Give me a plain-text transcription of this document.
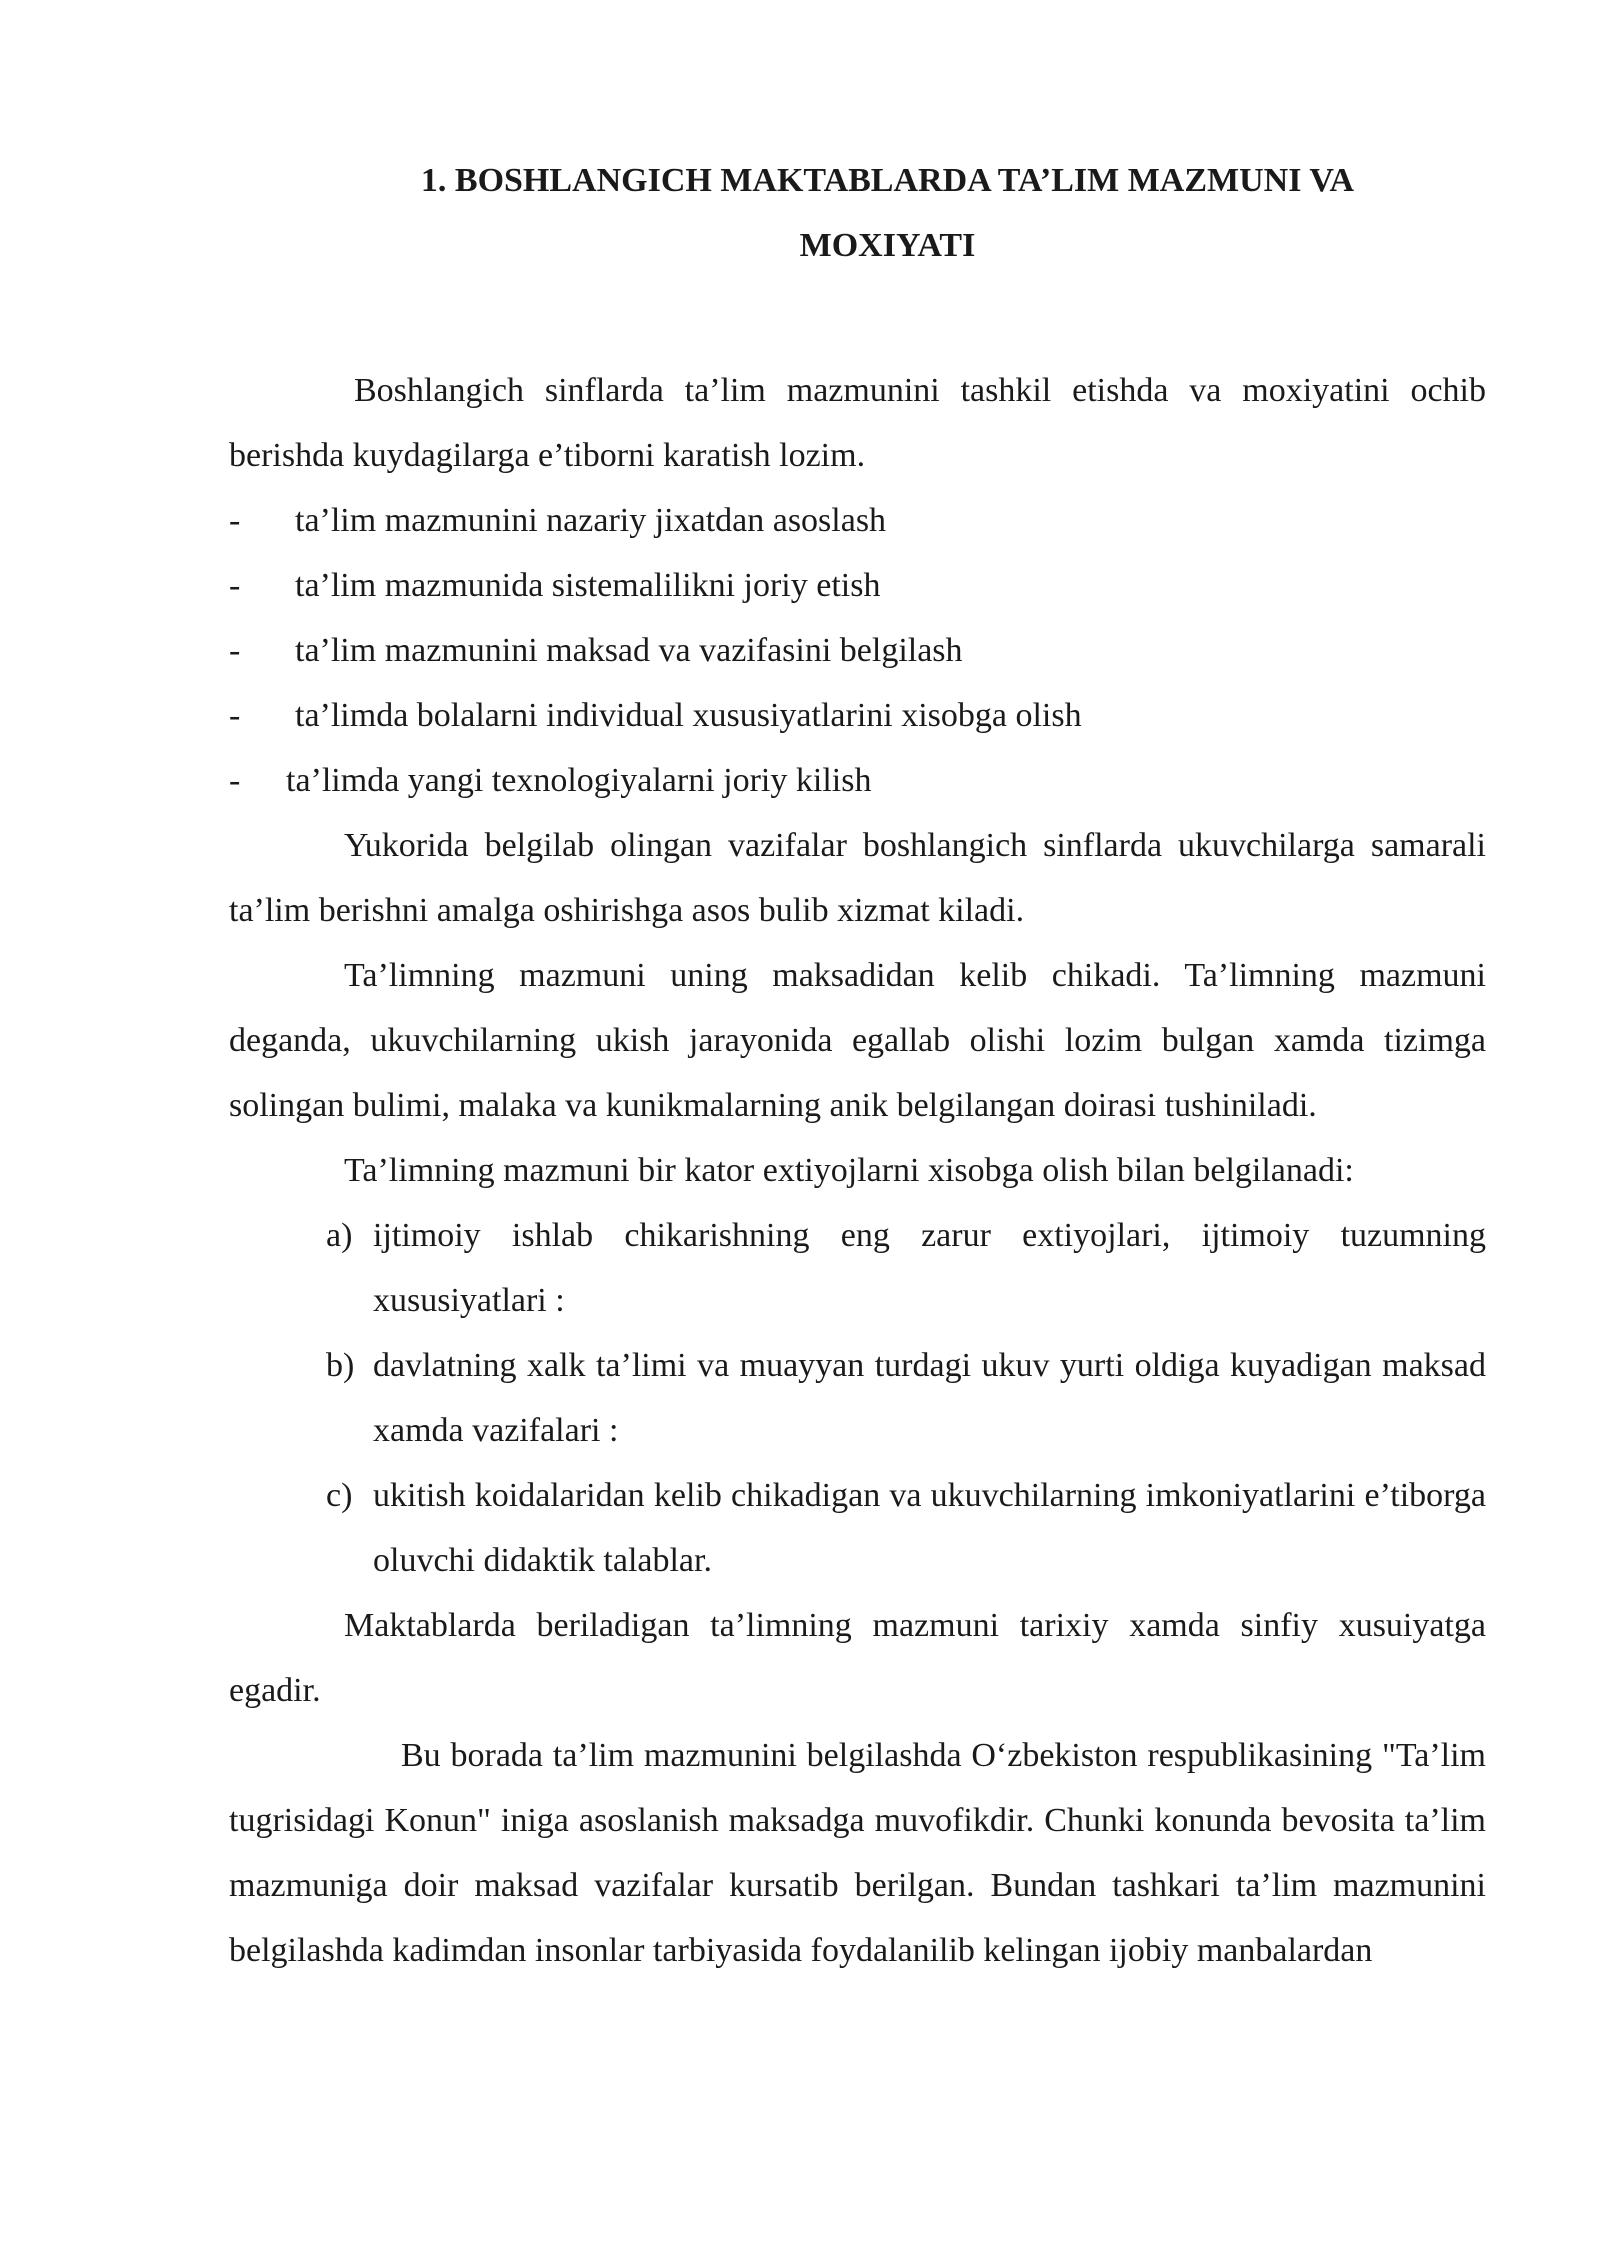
1. BOSHLANGICH MAKTABLARDA TA’LIM MAZMUNI VA
MOXIYATI

Boshlangich sinflarda ta’lim mazmunini tashkil etishda va moxiyatini ochib berishda kuydagilarga e’tiborni karatish lozim.

-	ta’lim mazmunini nazariy jixatdan asoslash
-	ta’lim mazmunida sistemalilikni joriy etish
-	ta’lim mazmunini maksad va vazifasini belgilash
-	ta’limda bolalarni individual xususiyatlarini xisobga olish
-	ta’limda yangi texnologiyalarni joriy kilish

Yukorida belgilab olingan vazifalar boshlangich sinflarda ukuvchilarga samarali ta’lim berishni amalga oshirishga asos bulib xizmat kiladi.

Ta’limning mazmuni uning maksadidan kelib chikadi. Ta’limning mazmuni deganda, ukuvchilarning ukish jarayonida egallab olishi lozim bulgan xamda tizimga solingan bulimi, malaka va kunikmalarning anik belgilangan doirasi tushiniladi.

Ta’limning mazmuni bir kator extiyojlarni xisobga olish bilan belgilanadi:

a) ijtimoiy ishlab chikarishning eng zarur extiyojlari, ijtimoiy tuzumning xususiyatlari :
b) davlatning xalk ta’limi va muayyan turdagi ukuv yurti oldiga kuyadigan maksad xamda vazifalari :
c) ukitish koidalaridan kelib chikadigan va ukuvchilarning imkoniyatlarini e’tiborga oluvchi didaktik talablar.

Maktablarda beriladigan ta’limning mazmuni tarixiy xamda sinfiy xusuiyatga egadir.

Bu borada ta’lim mazmunini belgilashda O‘zbekiston respublikasining "Ta’lim tugrisidagi Konun" iniga asoslanish maksadga muvofikdir. Chunki konunda bevosita ta’lim mazmuniga doir maksad vazifalar kursatib berilgan. Bundan tashkari ta’lim mazmunini belgilashda kadimdan insonlar tarbiyasida foydalanilib kelingan ijobiy manbalardan
